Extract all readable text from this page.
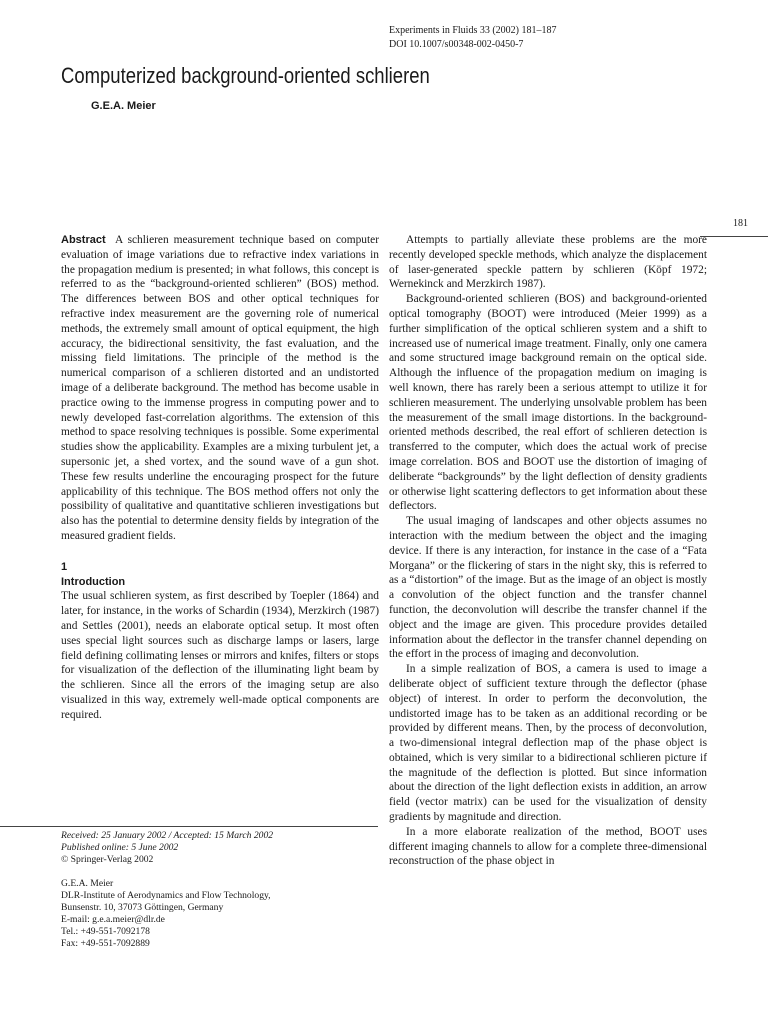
Experiments in Fluids 33 (2002) 181–187
DOI 10.1007/s00348-002-0450-7
Computerized background-oriented schlieren
G.E.A. Meier
181

Abstract A schlieren measurement technique based on computer evaluation of image variations due to refractive index variations in the propagation medium is presented; in what follows, this concept is referred to as the “background-oriented schlieren” (BOS) method. The differences between BOS and other optical techniques for refractive index measurement are the governing role of numerical methods, the extremely small amount of optical equipment, the high accuracy, the bidirectional sensitivity, the fast evaluation, and the missing field limitations. The principle of the method is the numerical comparison of a schlieren distorted and an undistorted image of a deliberate background. The method has become usable in practice owing to the immense progress in computing power and to newly developed fast-correlation algorithms. The extension of this method to space resolving techniques is possible. Some experimental studies show the applicability. Examples are a mixing turbulent jet, a supersonic jet, a shed vortex, and the sound wave of a gun shot. These few results underline the encouraging prospect for the future applicability of this technique. The BOS method offers not only the possibility of qualitative and quantitative schlieren investigations but also has the potential to determine density fields by integration of the measured gradient fields.

1

Introduction

The usual schlieren system, as first described by Toepler (1864) and later, for instance, in the works of Schardin (1934), Merzkirch (1987) and Settles (2001), needs an elaborate optical setup. It most often uses special light sources such as discharge lamps or lasers, large field defining collimating lenses or mirrors and knifes, filters or stops for visualization of the deflection of the illuminating light beam by the schlieren. Since all the errors of the imaging setup are also visualized in this way, extremely well-made optical components are required.

Received: 25 January 2002 / Accepted: 15 March 2002
Published online: 5 June 2002
© Springer-Verlag 2002
G.E.A. Meier
DLR-Institute of Aerodynamics and Flow Technology,
Bunsenstr. 10, 37073 Göttingen, Germany
E-mail: g.e.a.meier@dlr.de
Tel.: +49-551-7092178
Fax: +49-551-7092889

Attempts to partially alleviate these problems are the more recently developed speckle methods, which analyze the displacement of laser-generated speckle pattern by schlieren (Köpf 1972; Wernekinck and Merzkirch 1987).

Background-oriented schlieren (BOS) and background-oriented optical tomography (BOOT) were introduced (Meier 1999) as a further simplification of the optical schlieren system and a shift to increased use of numerical image treatment. Finally, only one camera and some structured image background remain on the optical side. Although the influence of the propagation medium on imaging is well known, there has rarely been a serious attempt to utilize it for schlieren measurement. The underlying unsolvable problem has been the measurement of the small image distortions. In the background-oriented methods described, the real effort of schlieren detection is transferred to the computer, which does the actual work of precise image correlation. BOS and BOOT use the distortion of imaging of deliberate “backgrounds” by the light deflection of density gradients or otherwise light scattering deflectors to get information about these deflectors.

The usual imaging of landscapes and other objects assumes no interaction with the medium between the object and the imaging device. If there is any interaction, for instance in the case of a “Fata Morgana” or the flickering of stars in the night sky, this is referred to as a “distortion” of the image. But as the image of an object is mostly a convolution of the object function and the transfer channel function, the deconvolution will describe the transfer channel if the object and the image are given. This procedure provides detailed information about the deflector in the transfer channel depending on the effort in the process of imaging and deconvolution.

In a simple realization of BOS, a camera is used to image a deliberate object of sufficient texture through the deflector (phase object) of interest. In order to perform the deconvolution, the undistorted image has to be taken as an additional recording or be provided by different means. Then, by the process of deconvolution, a two-dimensional integral deflection map of the phase object is obtained, which is very similar to a bidirectional schlieren picture if the magnitude of the deflection is plotted. But since information about the direction of the light deflection exists in addition, an arrow field (vector matrix) can be used for the visualization of density gradients by magnitude and direction.

In a more elaborate realization of the method, BOOT uses different imaging channels to allow for a complete three-dimensional reconstruction of the phase object in
